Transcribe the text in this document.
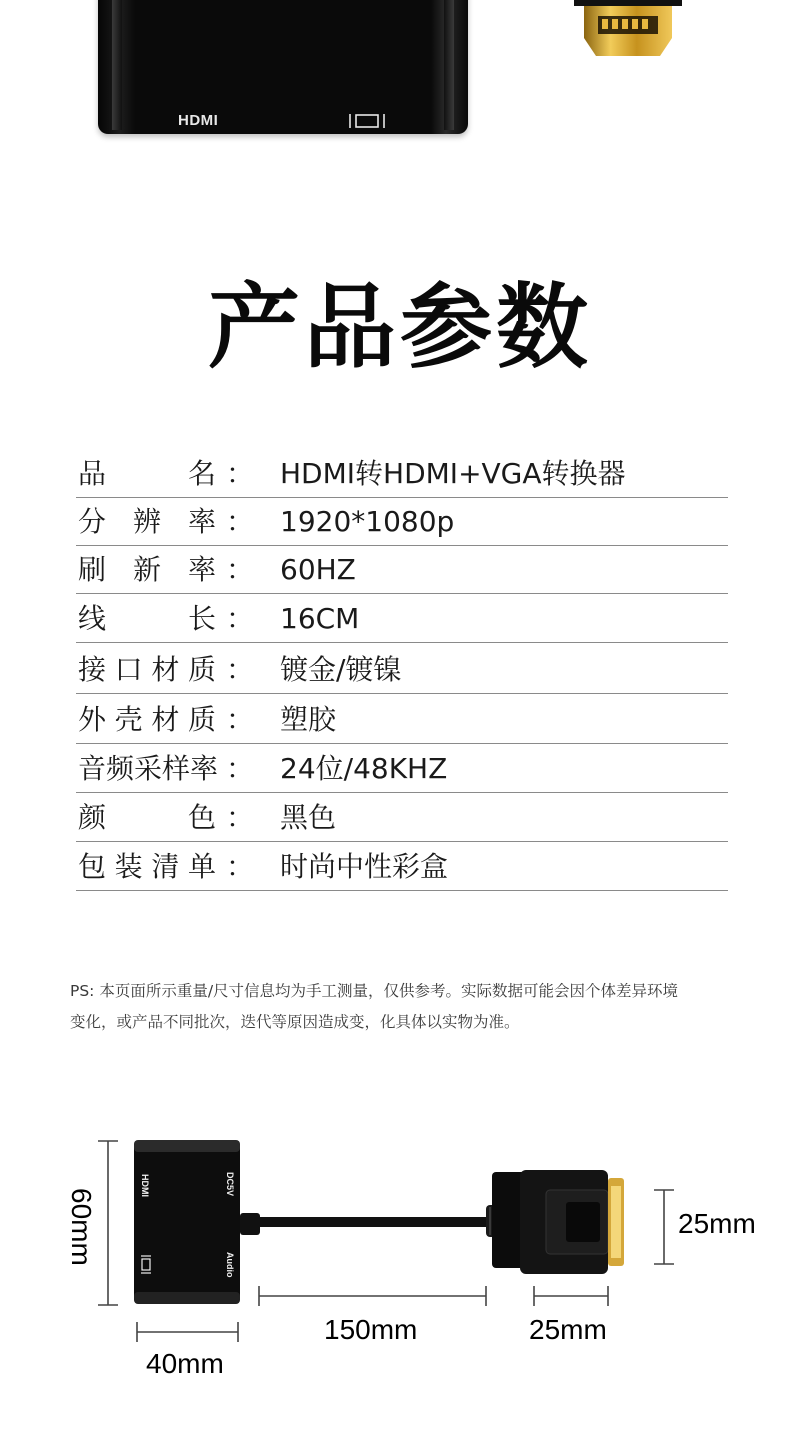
HDMI
产品参数
品	名 ： HDMI转HDMI+VGA转换器
分 辨 率 ： 1920*1080p
刷 新 率 ： 60HZ
线	长 ： 16CM
接 口 材 质 ： 镀金/镀镍
外 壳 材 质 ： 塑胶
音频采样率 ： 24位/48KHZ
颜	色 ： 黑色
包 装 清 单 ： 时尚中性彩盒
PS: 本页面所示重量/尺寸信息均为手工测量，仅供参考。实际数据可能会因个体差异环境
变化，或产品不同批次，迭代等原因造成变，化具体以实物为准。
HDMI	DC5V
Audio
60mm	25mm
40mm
150mm	25mm
